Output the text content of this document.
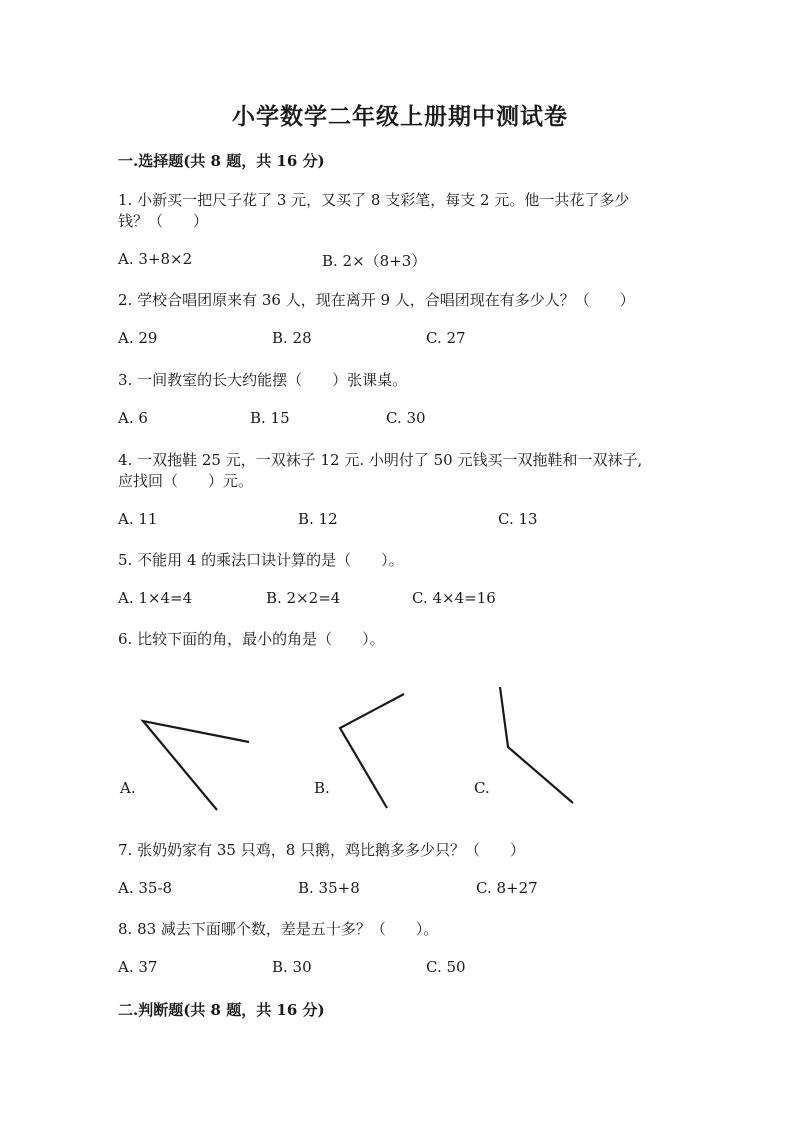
小学数学二年级上册期中测试卷
一.选择题(共 8 题，共 16 分)
1. 小新买一把尺子花了 3 元，又买了 8 支彩笔，每支 2 元。他一共花了多少
钱？（　　）
A. 3+8×2	B. 2×（8+3）
2. 学校合唱团原来有 36 人，现在离开 9 人，合唱团现在有多少人？（　　）
A. 29	B. 28	C. 27
3. 一间教室的长大约能摆（　　）张课桌。
A. 6	B. 15	C. 30
4. 一双拖鞋 25 元，一双袜子 12 元. 小明付了 50 元钱买一双拖鞋和一双袜子,
应找回（　　）元。
A. 11	B. 12	C. 13
5. 不能用 4 的乘法口诀计算的是（　　）。
A. 1×4=4	B. 2×2=4	C. 4×4=16
6. 比较下面的角，最小的角是（　　）。
A.	B.	C.
7. 张奶奶家有 35 只鸡，8 只鹅，鸡比鹅多多少只？（　　）
A. 35-8	B. 35+8	C. 8+27
8. 83 减去下面哪个数，差是五十多？（　　）。
A. 37	B. 30	C. 50
二.判断题(共 8 题，共 16 分)
